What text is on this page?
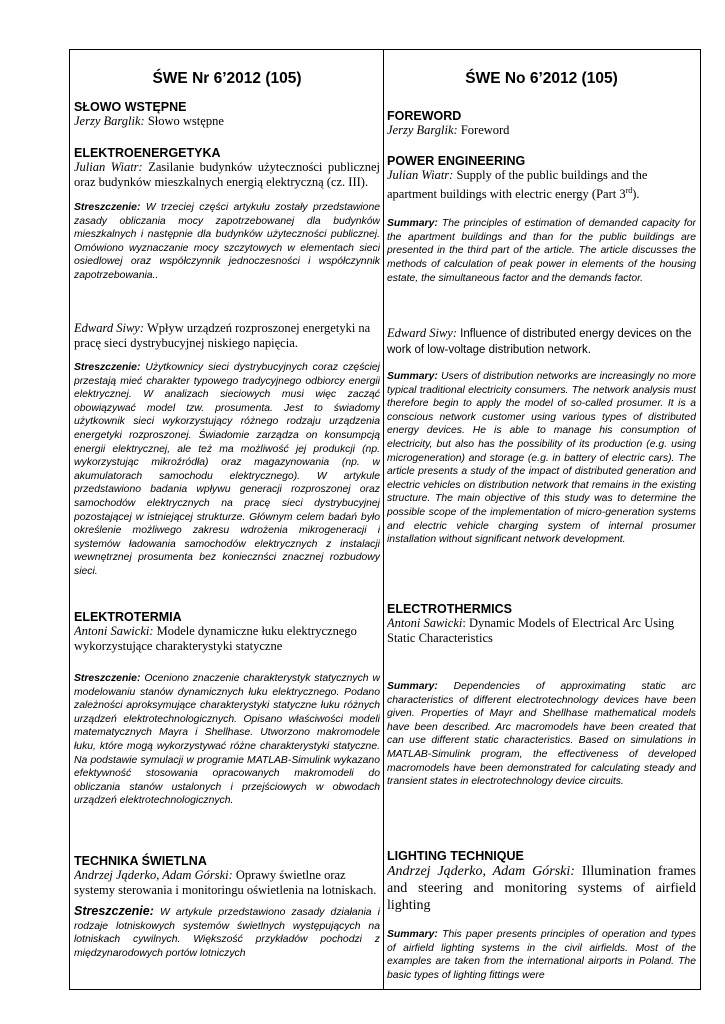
ŚWE Nr 6’2012 (105)

SŁOWO WSTĘPNE

Jerzy Barglik: Słowo wstępne

ELEKTROENERGETYKA

Julian Wiatr: Zasilanie budynków użyteczności publicznej oraz budynków mieszkalnych energią elektryczną (cz. III).

Streszczenie: W trzeciej części artykułu zostały przedstawione zasady obliczania mocy zapotrzebowanej dla budynków mieszkalnych i następnie dla budynków użyteczności publicznej. Omówiono wyznaczanie mocy szczytowych w elementach sieci osiedlowej oraz współczynnik jednoczesności i współczynnik zapotrzebowania..

Edward Siwy: Wpływ urządzeń rozproszonej energetyki na pracę sieci dystrybucyjnej niskiego napięcia.

Streszczenie: Użytkownicy sieci dystrybucyjnych coraz częściej przestają mieć charakter typowego tradycyjnego odbiorcy energii elektrycznej. W analizach sieciowych musi więc zacząć obowiązywać model tzw. prosumenta. Jest to świadomy użytkownik sieci wykorzystujący różnego rodzaju urządzenia energetyki rozproszonej. Świadomie zarządza on konsumpcją energii elektrycznej, ale też ma możliwość jej produkcji (np. wykorzystując mikroźródła) oraz magazynowania (np. w akumulatorach samochodu elektrycznego). W artykule przedstawiono badania wpływu generacji rozproszonej oraz samochodów elektrycznych na pracę sieci dystrybucyjnej pozostającej w istniejącej strukturze. Głównym celem badań było określenie możliwego zakresu wdrożenia mikrogeneracji i systemów ładowania samochodów elektrycznych z instalacji wewnętrznej prosumenta bez koniecznści znacznej rozbudowy sieci.

ELEKTROTERMIA

Antoni Sawicki: Modele dynamiczne łuku elektrycznego wykorzystujące charakterystyki statyczne

Streszczenie: Oceniono znaczenie charakterystyk statycznych w modelowaniu stanów dynamicznych łuku elektrycznego. Podano zależności aproksymujące charakterystyki statyczne łuku różnych urządzeń elektrotechnologicznych. Opisano właściwości modeli matematycznych Mayra i Shellhase. Utworzono makromodele łuku, które mogą wykorzystywać różne charakterystyki statyczne. Na podstawie symulacji w programie MATLAB-Simulink wykazano efektywność stosowania opracowanych makromodeli do obliczania stanów ustalonych i przejściowych w obwodach urządzeń elektrotechnologicznych.

TECHNIKA ŚWIETLNA

Andrzej Jąderko, Adam Górski: Oprawy świetlne oraz systemy sterowania i monitoringu oświetlenia na lotniskach.

Streszczenie: W artykule przedstawiono zasady działania i rodzaje lotniskowych systemów świetlnych występujących na lotniskach cywilnych. Większość przykładów pochodzi z międzynarodowych portów lotniczych

ŚWE No 6’2012 (105)

FOREWORD

Jerzy Barglik: Foreword

POWER ENGINEERING

Julian Wiatr: Supply of the public buildings and the apartment buildings with electric energy (Part 3rd).

Summary: The principles of estimation of demanded capacity for the apartment buildings and than for the public buildings are presented in the third part of the article. The article discusses the methods of calculation of peak power in elements of the housing estate, the simultaneous factor and the demands factor.

Edward Siwy: Influence of distributed energy devices on the work of low-voltage distribution network.

Summary: Users of distribution networks are increasingly no more typical traditional electricity consumers. The network analysis must therefore begin to apply the model of so-called prosumer. It is a conscious network customer using various types of distributed energy devices. He is able to manage his consumption of electricity, but also has the possibility of its production (e.g. using microgeneration) and storage (e.g. in battery of electric cars). The article presents a study of the impact of distributed generation and electric vehicles on distribution network that remains in the existing structure. The main objective of this study was to determine the possible scope of the implementation of micro-generation systems and electric vehicle charging system of internal prosumer installation without significant network development.

ELECTROTHERMICS

Antoni Sawicki: Dynamic Models of Electrical Arc Using Static Characteristics

Summary: Dependencies of approximating static arc characteristics of different electrotechnology devices have been given. Properties of Mayr and Shellhase mathematical models have been described. Arc macromodels have been created that can use different static characteristics. Based on simulations in MATLAB-Simulink program, the effectiveness of developed macromodels have been demonstrated for calculating steady and transient states in electrotechnology device circuits.

LIGHTING TECHNIQUE

Andrzej Jąderko, Adam Górski: Illumination frames and steering and monitoring systems of airfield lighting

Summary: This paper presents principles of operation and types of airfield lighting systems in the civil airfields. Most of the examples are taken from the international airports in Poland. The basic types of lighting fittings were
